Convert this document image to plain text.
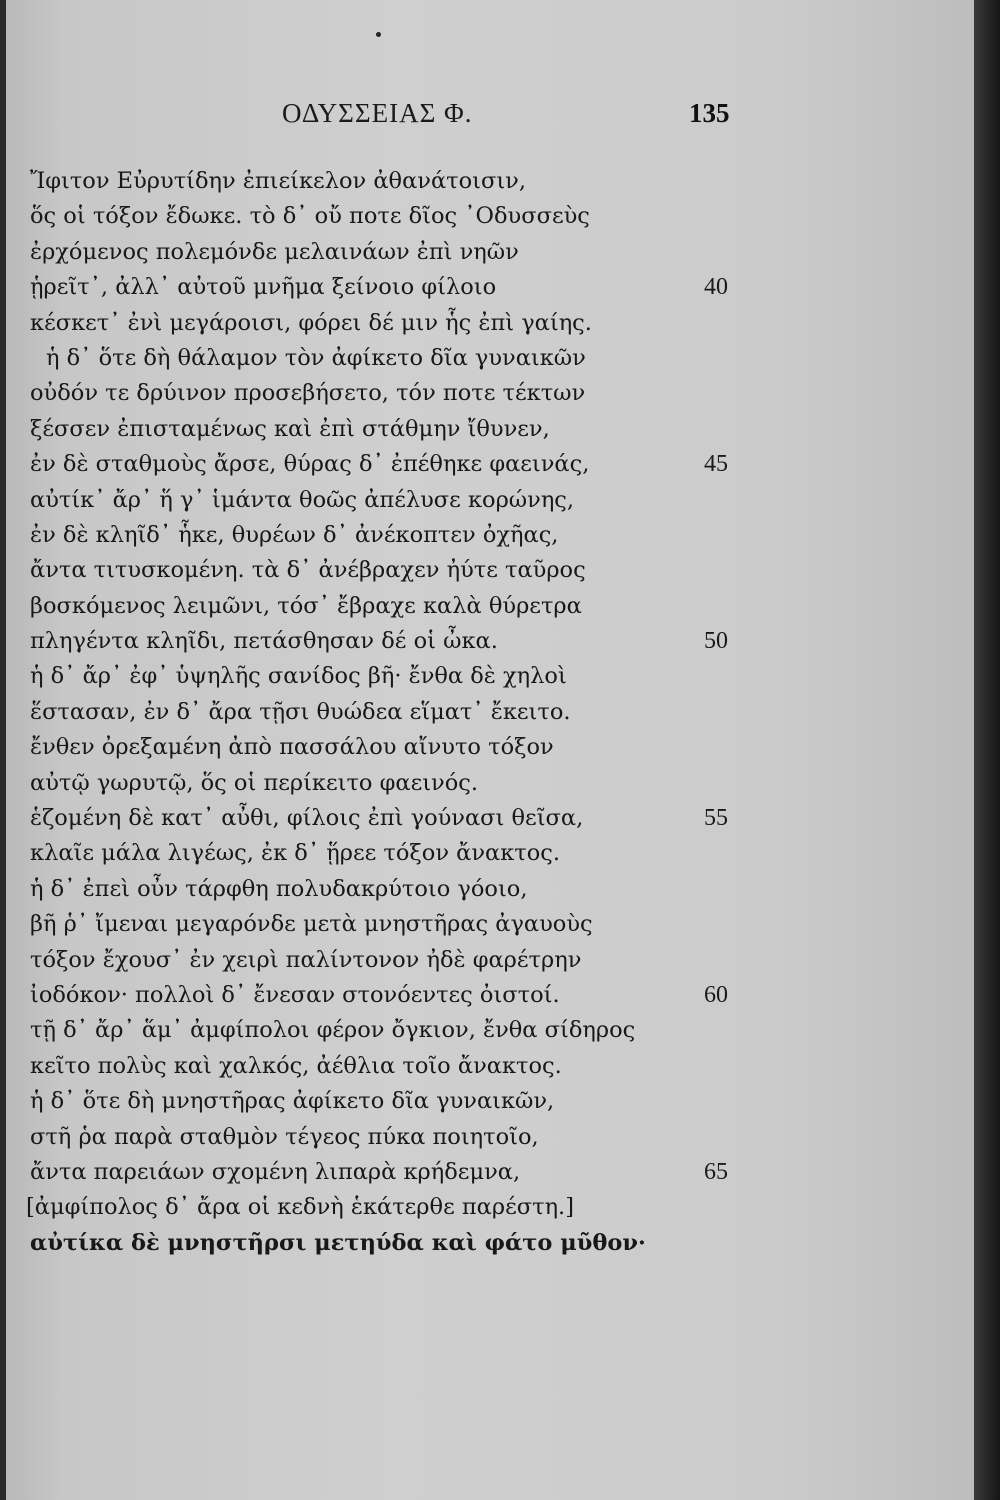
ΟΔΥΣΣΕΙΑΣ Φ.	135
Ἴφιτον Εὐρυτίδην ἐπιείκελον ἀθανάτοισιν,
ὅς οἱ τόξον ἔδωκε. τὸ δ᾿ οὔ ποτε δῖος ᾿Οδυσσεὺς
ἐρχόμενος πολεμόνδε μελαινάων ἐπὶ νηῶν
ᾑρεῖτ᾿, ἀλλ᾿ αὐτοῦ μνῆμα ξείνοιο φίλοιο	40
κέσκετ᾿ ἐνὶ μεγάροισι, φόρει δέ μιν ἧς ἐπὶ γαίης.
ἡ δ᾿ ὅτε δὴ θάλαμον τὸν ἀφίκετο δῖα γυναικῶν
οὐδόν τε δρύινον προσεβήσετο, τόν ποτε τέκτων
ξέσσεν ἐπισταμένως καὶ ἐπὶ στάθμην ἴθυνεν,
ἐν δὲ σταθμοὺς ἄρσε, θύρας δ᾿ ἐπέθηκε φαεινάς,	45
αὐτίκ᾿ ἄρ᾿ ἥ γ᾿ ἱμάντα θοῶς ἀπέλυσε κορώνης,
ἐν δὲ κληῖδ᾿ ἧκε, θυρέων δ᾿ ἀνέκοπτεν ὀχῆας,
ἄντα τιτυσκομένη. τὰ δ᾿ ἀνέβραχεν ἠύτε ταῦρος
βοσκόμενος λειμῶνι, τόσ᾿ ἔβραχε καλὰ θύρετρα
πληγέντα κληῖδι, πετάσθησαν δέ οἱ ὦκα.	50
ἡ δ᾿ ἄρ᾿ ἐφ᾿ ὑψηλῆς σανίδος βῆ· ἔνθα δὲ χηλοὶ
ἕστασαν, ἐν δ᾿ ἄρα τῇσι θυώδεα εἵματ᾿ ἔκειτο.
ἔνθεν ὀρεξαμένη ἀπὸ πασσάλου αἴνυτο τόξον
αὐτῷ γωρυτῷ, ὅς οἱ περίκειτο φαεινός.
ἑζομένη δὲ κατ᾿ αὖθι, φίλοις ἐπὶ γούνασι θεῖσα,	55
κλαῖε μάλα λιγέως, ἐκ δ᾿ ᾕρεε τόξον ἄνακτος.
ἡ δ᾿ ἐπεὶ οὖν τάρφθη πολυδακρύτοιο γόοιο,
βῆ ῥ᾿ ἴμεναι μεγαρόνδε μετὰ μνηστῆρας ἀγαυοὺς
τόξον ἔχουσ᾿ ἐν χειρὶ παλίντονον ἠδὲ φαρέτρην
ἰοδόκον· πολλοὶ δ᾿ ἔνεσαν στονόεντες ὀιστοί.	60
τῇ δ᾿ ἄρ᾿ ἅμ᾿ ἀμφίπολοι φέρον ὄγκιον, ἔνθα σίδηρος
κεῖτο πολὺς καὶ χαλκός, ἀέθλια τοῖο ἄνακτος.
ἡ δ᾿ ὅτε δὴ μνηστῆρας ἀφίκετο δῖα γυναικῶν,
στῆ ῥα παρὰ σταθμὸν τέγεος πύκα ποιητοῖο,
ἄντα παρειάων σχομένη λιπαρὰ κρήδεμνα,	65
[ἀμφίπολος δ᾿ ἄρα οἱ κεδνὴ ἑκάτερθε παρέστη.]
αὐτίκα δὲ μνηστῆρσι μετηύδα καὶ φάτο μῦθον·
